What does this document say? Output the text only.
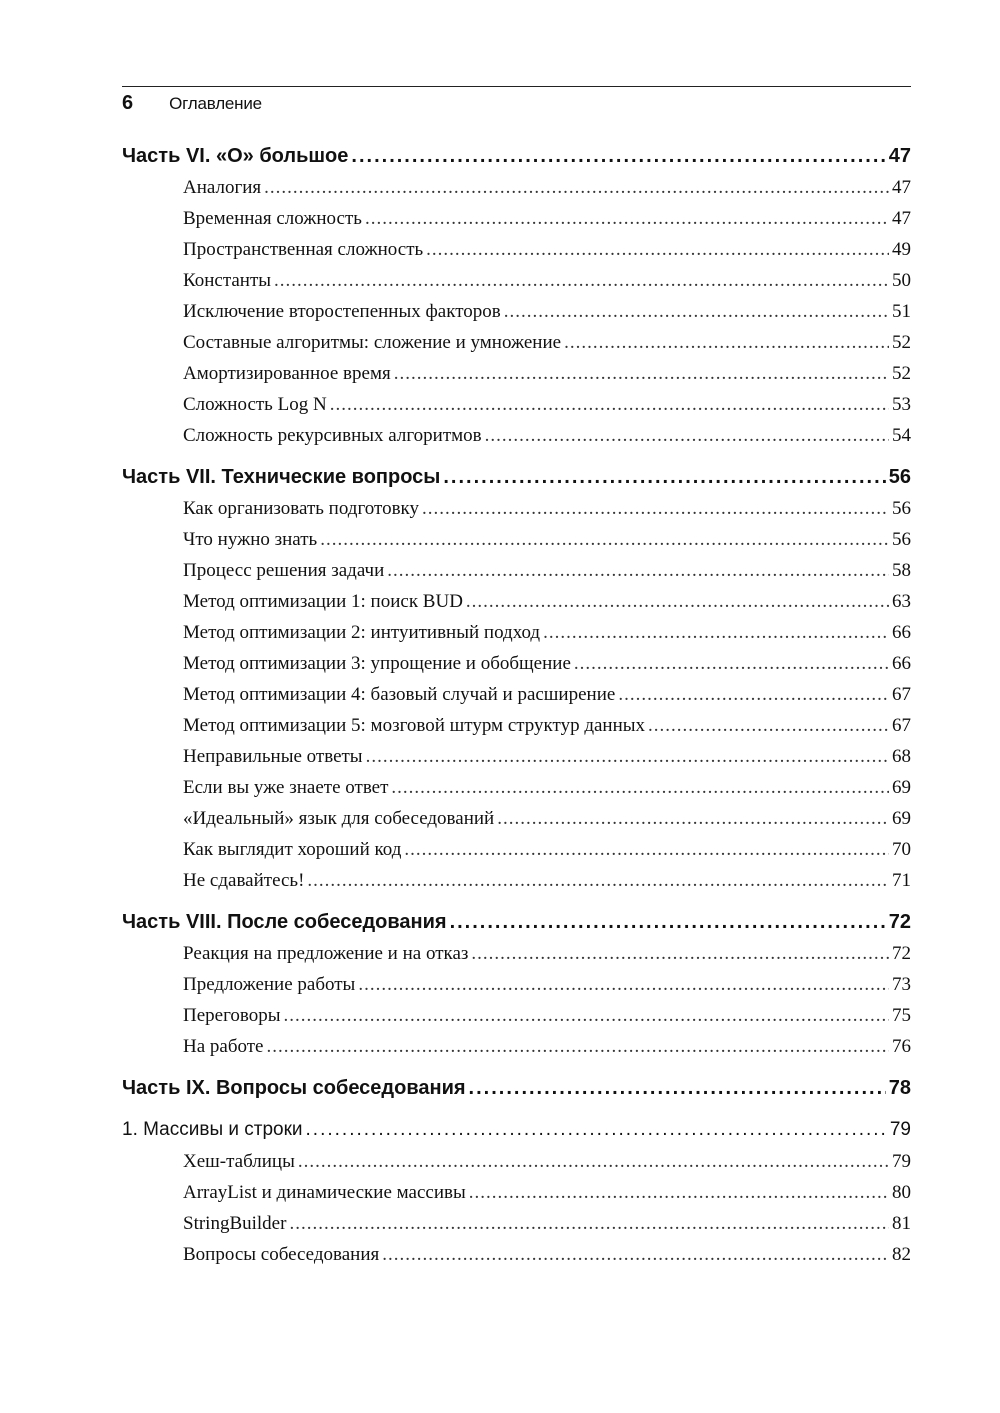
6 Оглавление
Часть VI. «О» большое .....	47
Аналогия .....	47
Временная сложность .....	47
Пространственная сложность .....	49
Константы .....	50
Исключение второстепенных факторов .....	51
Составные алгоритмы: сложение и умножение .....	52
Амортизированное время .....	52
Сложность Log N .....	53
Сложность рекурсивных алгоритмов .....	54
Часть VII. Технические вопросы .....	56
Как организовать подготовку .....	56
Что нужно знать .....	56
Процесс решения задачи .....	58
Метод оптимизации 1: поиск BUD .....	63
Метод оптимизации 2: интуитивный подход .....	66
Метод оптимизации 3: упрощение и обобщение .....	66
Метод оптимизации 4: базовый случай и расширение .....	67
Метод оптимизации 5: мозговой штурм структур данных .....	67
Неправильные ответы .....	68
Если вы уже знаете ответ .....	69
«Идеальный» язык для собеседований .....	69
Как выглядит хороший код .....	70
Не сдавайтесь! .....	71
Часть VIII. После собеседования .....	72
Реакция на предложение и на отказ .....	72
Предложение работы .....	73
Переговоры .....	75
На работе .....	76
Часть IX. Вопросы собеседования .....	78
1. Массивы и строки .....	79
Хеш-таблицы .....	79
ArrayList и динамические массивы .....	80
StringBuilder .....	81
Вопросы собеседования .....	82
